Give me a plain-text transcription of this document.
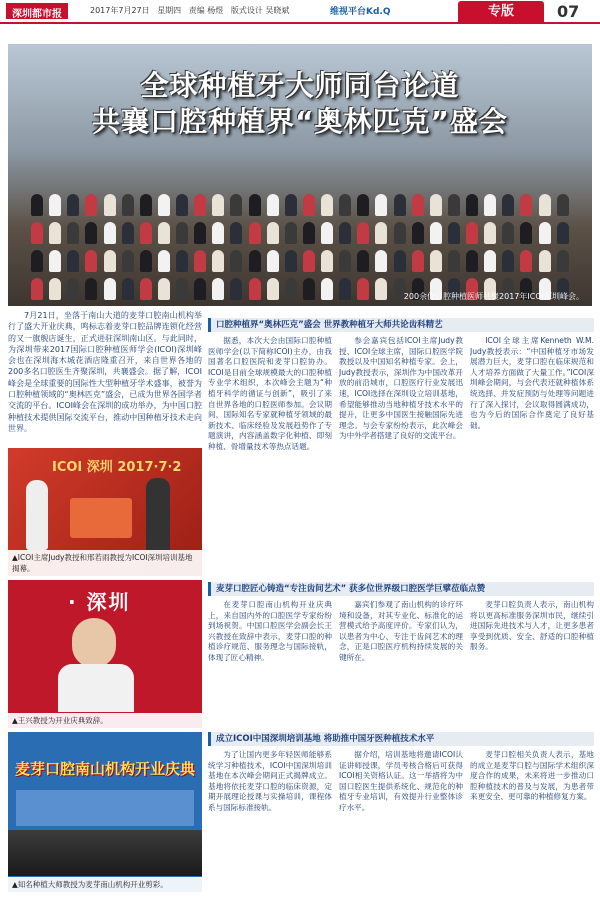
深圳都市报	2017年7月27日 星期四 责编 杨煜 版式设计 吴晓斌	维视平台Kd.Q	专版	07
全球种植牙大师同台论道
共襄口腔种植界“奥林匹克”盛会
200余位口腔种植医师共聚2017年ICOI深圳峰会。
7月21日，坐落于南山大道的麦芽口腔南山机构举行了盛大开业庆典，鸣标志着麦芽口腔品牌连锁化经营的又一旗舰店诞生，正式进驻深圳南山区。与此同时，为深圳带来2017国际口腔种植医师学会(ICOI)深圳峰会也在深圳海木城花酒店隆重召开，来自世界各地的200多名口腔医生齐聚深圳，共襄盛会。据了解，ICOI峰会是全球重要的国际性大型种植牙学术盛事，被誉为口腔种植领域的“奥林匹克”盛会，已成为世界各国学者交流的平台。ICOI峰会在深圳的成功举办，为中国口腔种植技术提供国际交流平台，推动中国种植牙技术走向世界。
ICOI 深圳 2017·7·2
▲ICOI主席Judy教授和邢若雨教授为ICOI深圳培训基地揭幕。
· 深圳
▲王兴教授为开业庆典致辞。
麦芽口腔南山机构开业庆典
▲知名种植大师教授为麦芽南山机构开业剪彩。
口腔种植界“奥林匹克”盛会 世界教种植牙大师共论齿科精艺
据悉，本次大会由国际口腔种植医师学会(以下简称ICOI)主办，由我国著名口腔医院和麦芽口腔协办。ICOI是目前全球规模最大的口腔种植专业学术组织，本次峰会主题为“种植牙科学的循证与创新”，吸引了来自世界各地的口腔医师参加。会议期间，国际知名专家就种植牙领域的最新技术、临床经验及发展趋势作了专题演讲，内容涵盖数字化种植、即刻种植、骨增量技术等热点话题。
参会嘉宾包括ICOI主席Judy教授、ICOI全球主席，国际口腔医学院教授以及中国知名种植专家。会上，Judy教授表示，深圳作为中国改革开放的前沿城市，口腔医疗行业发展迅速，ICOI选择在深圳设立培训基地，希望能够推动当地种植牙技术水平的提升，让更多中国医生接触国际先进理念。与会专家纷纷表示，此次峰会为中外学者搭建了良好的交流平台。
ICOI全球主席Kenneth W.M. Judy教授表示：“中国种植牙市场发展潜力巨大，麦芽口腔在临床规范和人才培养方面做了大量工作。”ICOI深圳峰会期间，与会代表还就种植体系统选择、并发症预防与处理等问题进行了深入探讨，会议取得圆满成功，也为今后的国际合作奠定了良好基础。
麦芽口腔匠心铸造“专注齿间艺术” 获多位世界级口腔医学巨擘莅临点赞
在麦芽口腔南山机构开业庆典上，来自国内外的口腔医学专家纷纷到场祝贺。中国口腔医学会副会长王兴教授在致辞中表示，麦芽口腔的种植诊疗规范、服务理念与国际接轨，体现了匠心精神。
嘉宾们参观了南山机构的诊疗环境和设备，对其专业化、标准化的运营模式给予高度评价。专家们认为，以患者为中心、专注于齿间艺术的理念，正是口腔医疗机构持续发展的关键所在。
麦芽口腔负责人表示，南山机构将以更高标准服务深圳市民，继续引进国际先进技术与人才，让更多患者享受到优质、安全、舒适的口腔种植服务。
成立ICOI中国深圳培训基地 将助推中国牙医种植技术水平
为了让国内更多年轻医师能够系统学习种植技术，ICOI中国深圳培训基地在本次峰会期间正式揭牌成立。基地将依托麦芽口腔的临床资源，定期开展理论授课与实操培训，课程体系与国际标准接轨。
据介绍，培训基地将邀请ICOI认证讲师授课，学员考核合格后可获得ICOI相关资格认证。这一举措将为中国口腔医生提供系统化、规范化的种植牙专业培训，有效提升行业整体诊疗水平。
麦芽口腔相关负责人表示，基地的成立是麦芽口腔与国际学术组织深度合作的成果，未来将进一步推动口腔种植技术的普及与发展，为患者带来更安全、更可靠的种植修复方案。
